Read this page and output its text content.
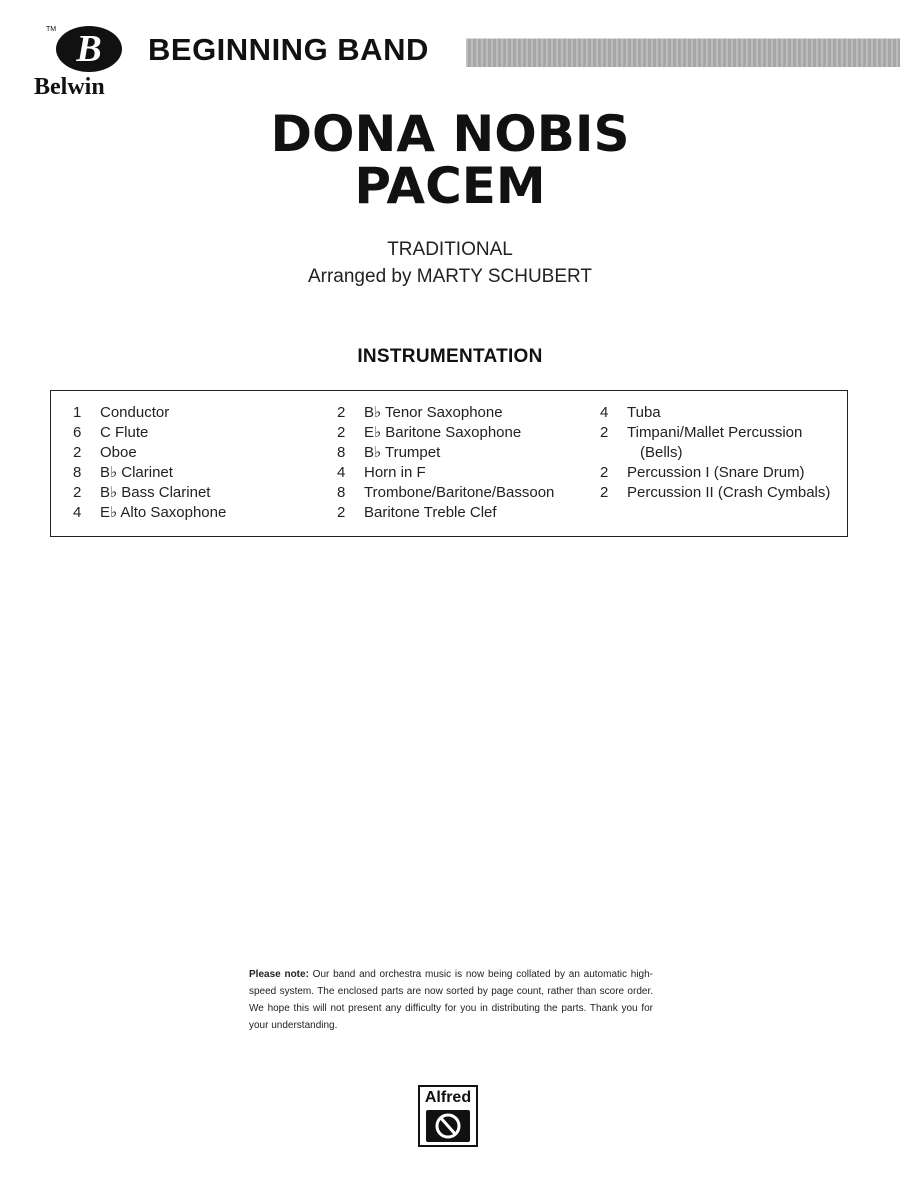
TM B
Belwin
BEGINNING BAND
DONA NOBIS
PACEM
TRADITIONAL
Arranged by MARTY SCHUBERT
INSTRUMENTATION
1	Conductor
6	C Flute
2	Oboe
8	B♭ Clarinet
2	B♭ Bass Clarinet
4	E♭ Alto Saxophone
2	B♭ Tenor Saxophone
2	E♭ Baritone Saxophone
8	B♭ Trumpet
4	Horn in F
8	Trombone/Baritone/Bassoon
2	Baritone Treble Clef
4	Tuba
2	Timpani/Mallet Percussion
(Bells)
2	Percussion I (Snare Drum)
2	Percussion II (Crash Cymbals)
Please note: Our band and orchestra music is now being collated by an automatic high-speed system. The enclosed parts are now sorted by page count, rather than score order. We hope this will not present any difficulty for you in distributing the parts. Thank you for your understanding.
Alfred
